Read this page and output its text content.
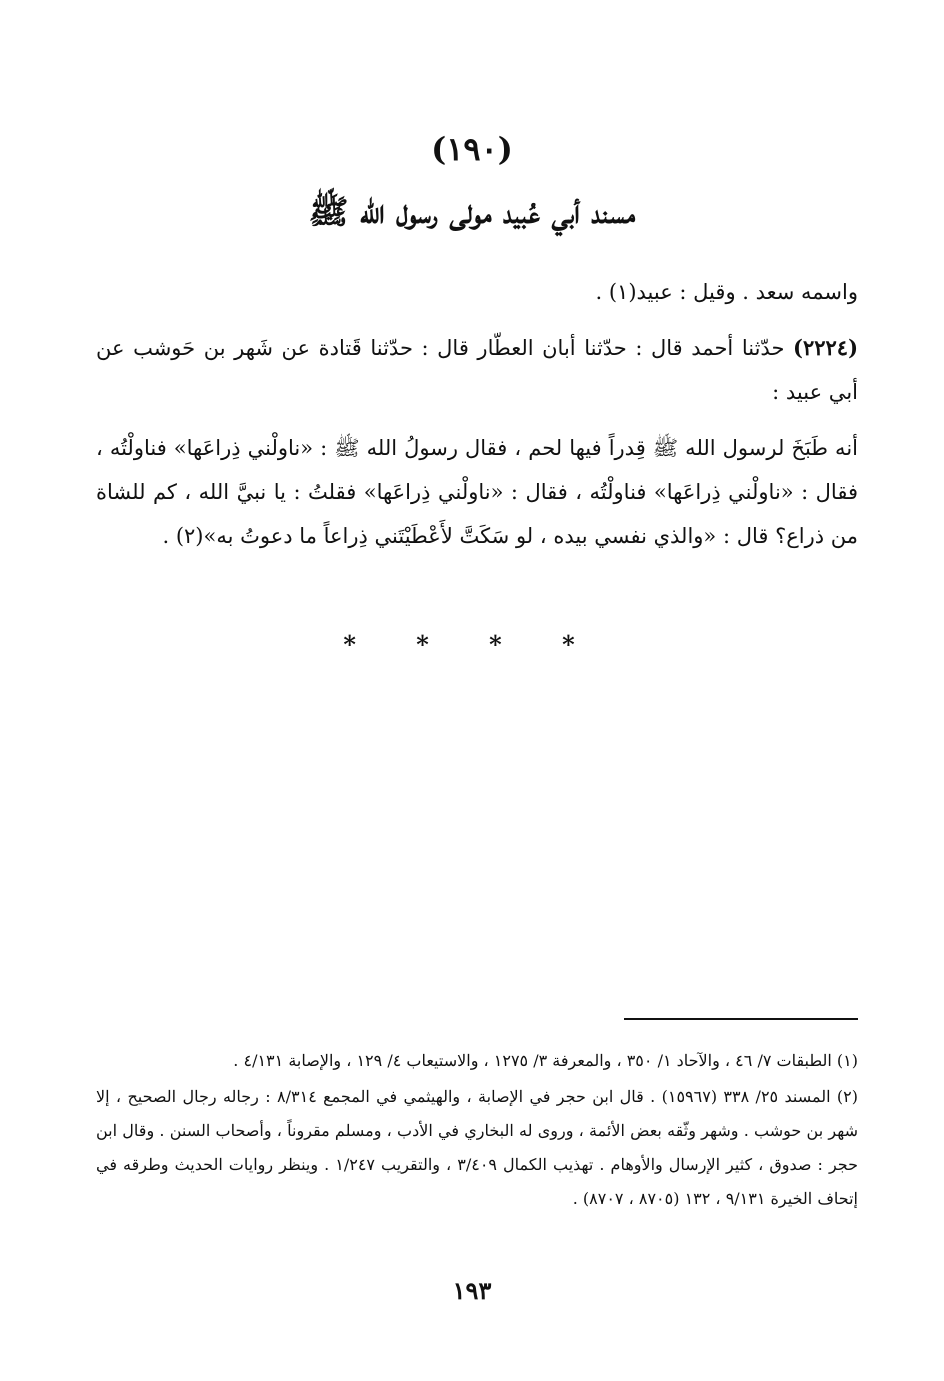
(١٩٠)
مسند أبي عُبيد مولى رسول الله ﷺ

واسمه سعد . وقيل : عبيد(١) .

(٢٢٢٤) حدّثنا أحمد قال : حدّثنا أبان العطّار قال : حدّثنا قَتادة عن شَهر بن حَوشب عن أبي عبيد :

أنه طَبَخَ لرسول الله ﷺ قِدراً فيها لحم ، فقال رسولُ الله ﷺ : «ناولْني ذِراعَها» فناولْتُه ، فقال : «ناولْني ذِراعَها» فناولْتُه ، فقال : «ناولْني ذِراعَها» فقلتُ : يا نبيَّ الله ، كم للشاة من ذراع؟ قال : «والذي نفسي بيده ، لو سَكَتَّ لأَعْطَيْتَني ذِراعاً ما دعوتُ به»(٢) .

* * * *

(١) الطبقات ٧/ ٤٦ ، والآحاد ١/ ٣٥٠ ، والمعرفة ٣/ ١٢٧٥ ، والاستيعاب ٤/ ١٢٩ ، والإصابة ٤/١٣١ .

(٢) المسند ٢٥/ ٣٣٨ (١٥٩٦٧) . قال ابن حجر في الإصابة ، والهيثمي في المجمع ٨/٣١٤ : رجاله رجال الصحيح ، إلا شهر بن حوشب . وشهر وثّقه بعض الأئمة ، وروى له البخاري في الأدب ، ومسلم مقروناً ، وأصحاب السنن . وقال ابن حجر : صدوق ، كثير الإرسال والأوهام . تهذيب الكمال ٣/٤٠٩ ، والتقريب ١/٢٤٧ . وينظر روايات الحديث وطرقه في إتحاف الخيرة ٩/١٣١ ، ١٣٢ (٨٧٠٥ ، ٨٧٠٧) .

١٩٣
